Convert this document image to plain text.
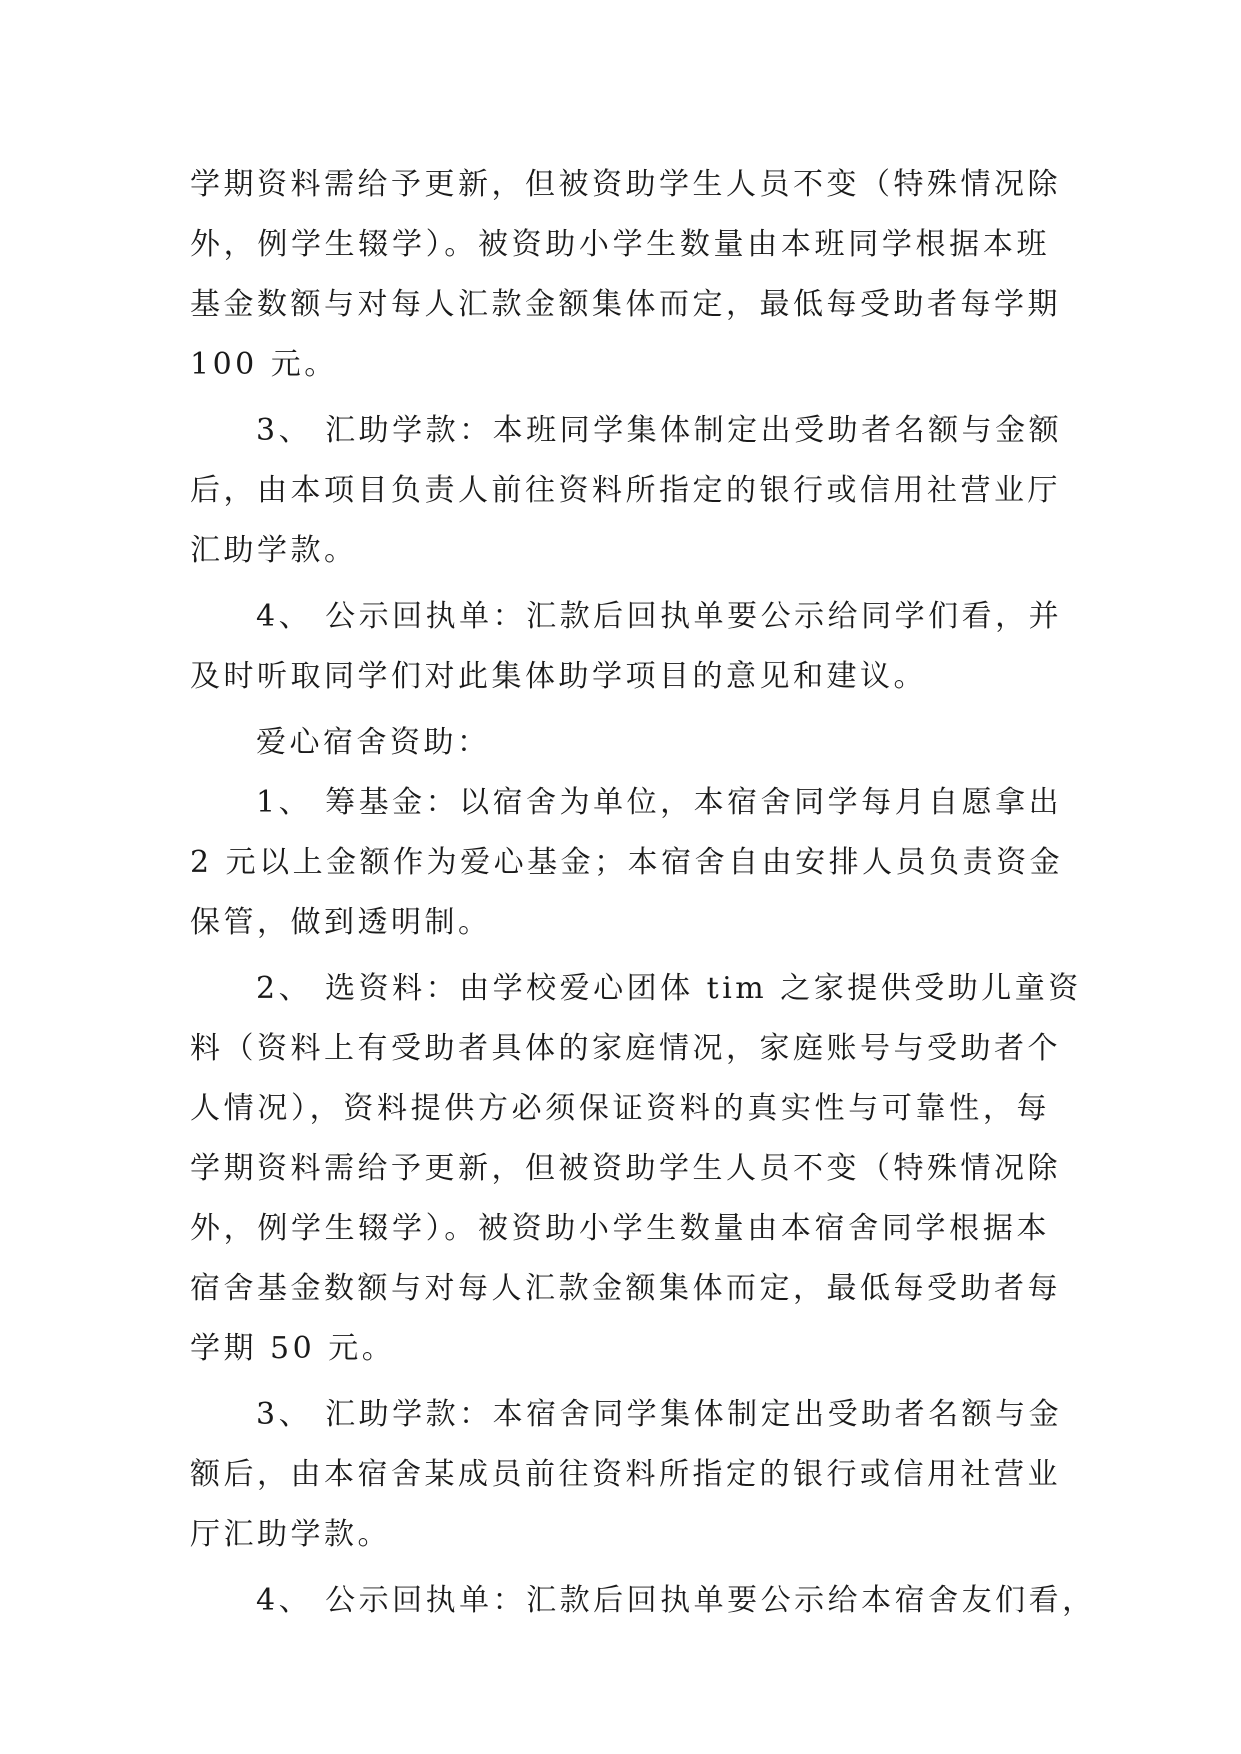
学期资料需给予更新，但被资助学生人员不变（特殊情况除
外，例学生辍学）。被资助小学生数量由本班同学根据本班
基金数额与对每人汇款金额集体而定，最低每受助者每学期
100 元。
3、 汇助学款：本班同学集体制定出受助者名额与金额
后，由本项目负责人前往资料所指定的银行或信用社营业厅
汇助学款。
4、 公示回执单：汇款后回执单要公示给同学们看，并
及时听取同学们对此集体助学项目的意见和建议。
爱心宿舍资助：
1、 筹基金：以宿舍为单位，本宿舍同学每月自愿拿出
2 元以上金额作为爱心基金；本宿舍自由安排人员负责资金
保管，做到透明制。
2、 选资料：由学校爱心团体 tim 之家提供受助儿童资
料（资料上有受助者具体的家庭情况，家庭账号与受助者个
人情况），资料提供方必须保证资料的真实性与可靠性，每
学期资料需给予更新，但被资助学生人员不变（特殊情况除
外，例学生辍学）。被资助小学生数量由本宿舍同学根据本
宿舍基金数额与对每人汇款金额集体而定，最低每受助者每
学期 50 元。
3、 汇助学款：本宿舍同学集体制定出受助者名额与金
额后，由本宿舍某成员前往资料所指定的银行或信用社营业
厅汇助学款。
4、 公示回执单：汇款后回执单要公示给本宿舍友们看，
